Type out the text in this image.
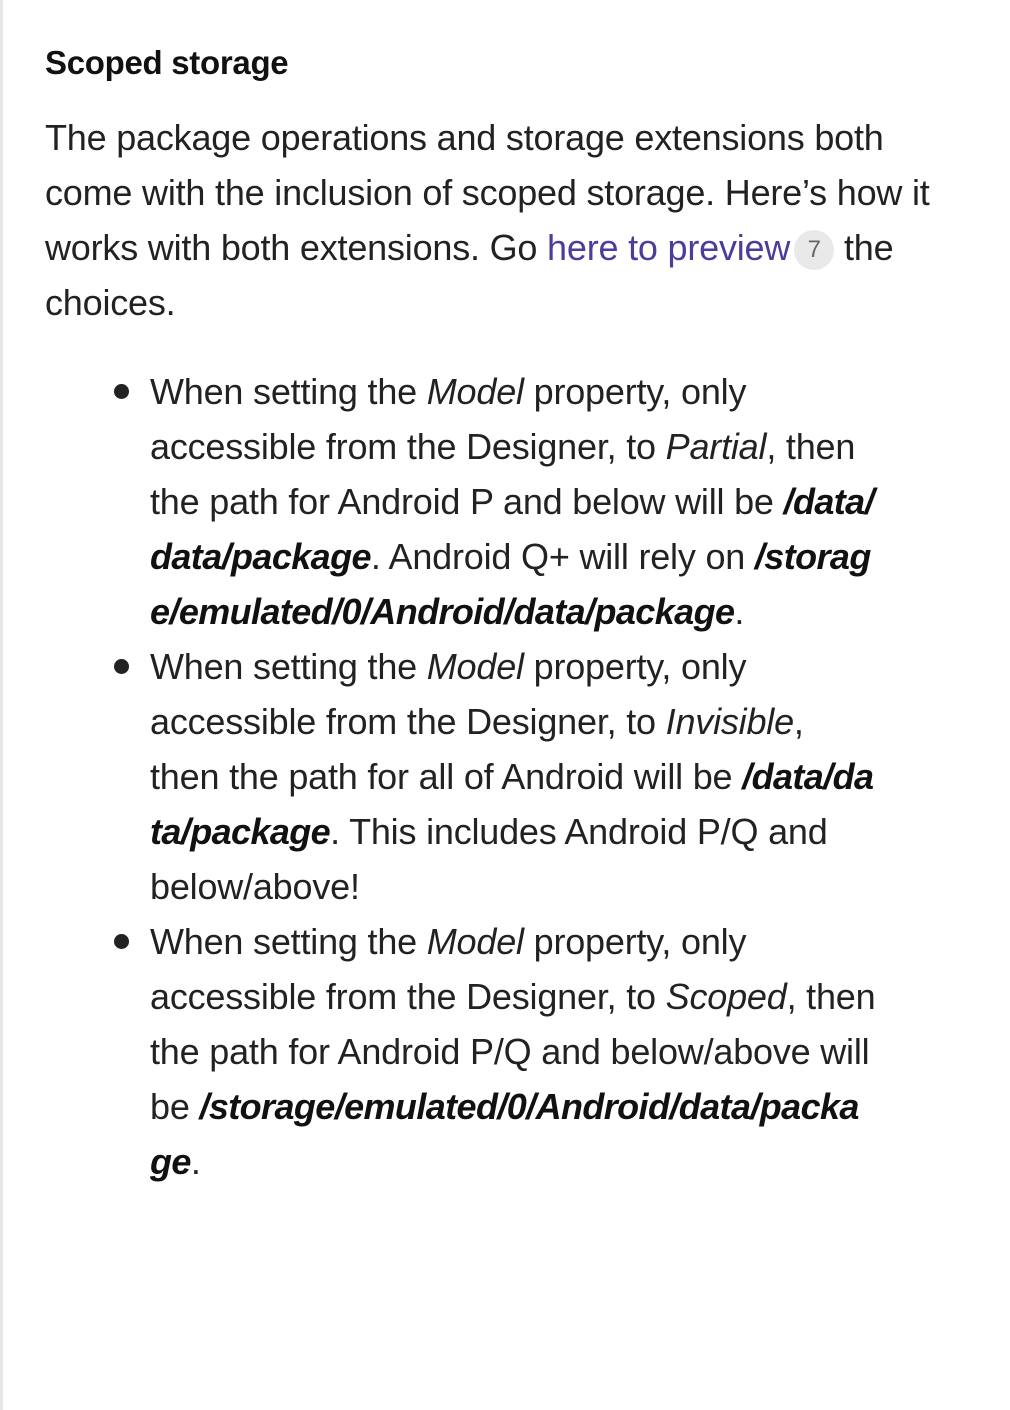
Scoped storage

The package operations and storage extensions both come with the inclusion of scoped storage. Here’s how it works with both extensions. Go here to preview 7 the choices.

When setting the Model property, only accessible from the Designer, to Partial, then the path for Android P and below will be /data/data/package. Android Q+ will rely on /storage/emulated/0/Android/data/package.
When setting the Model property, only accessible from the Designer, to Invisible, then the path for all of Android will be /data/data/package. This includes Android P/Q and below/above!
When setting the Model property, only accessible from the Designer, to Scoped, then the path for Android P/Q and below/above will be /storage/emulated/0/Android/data/package.
